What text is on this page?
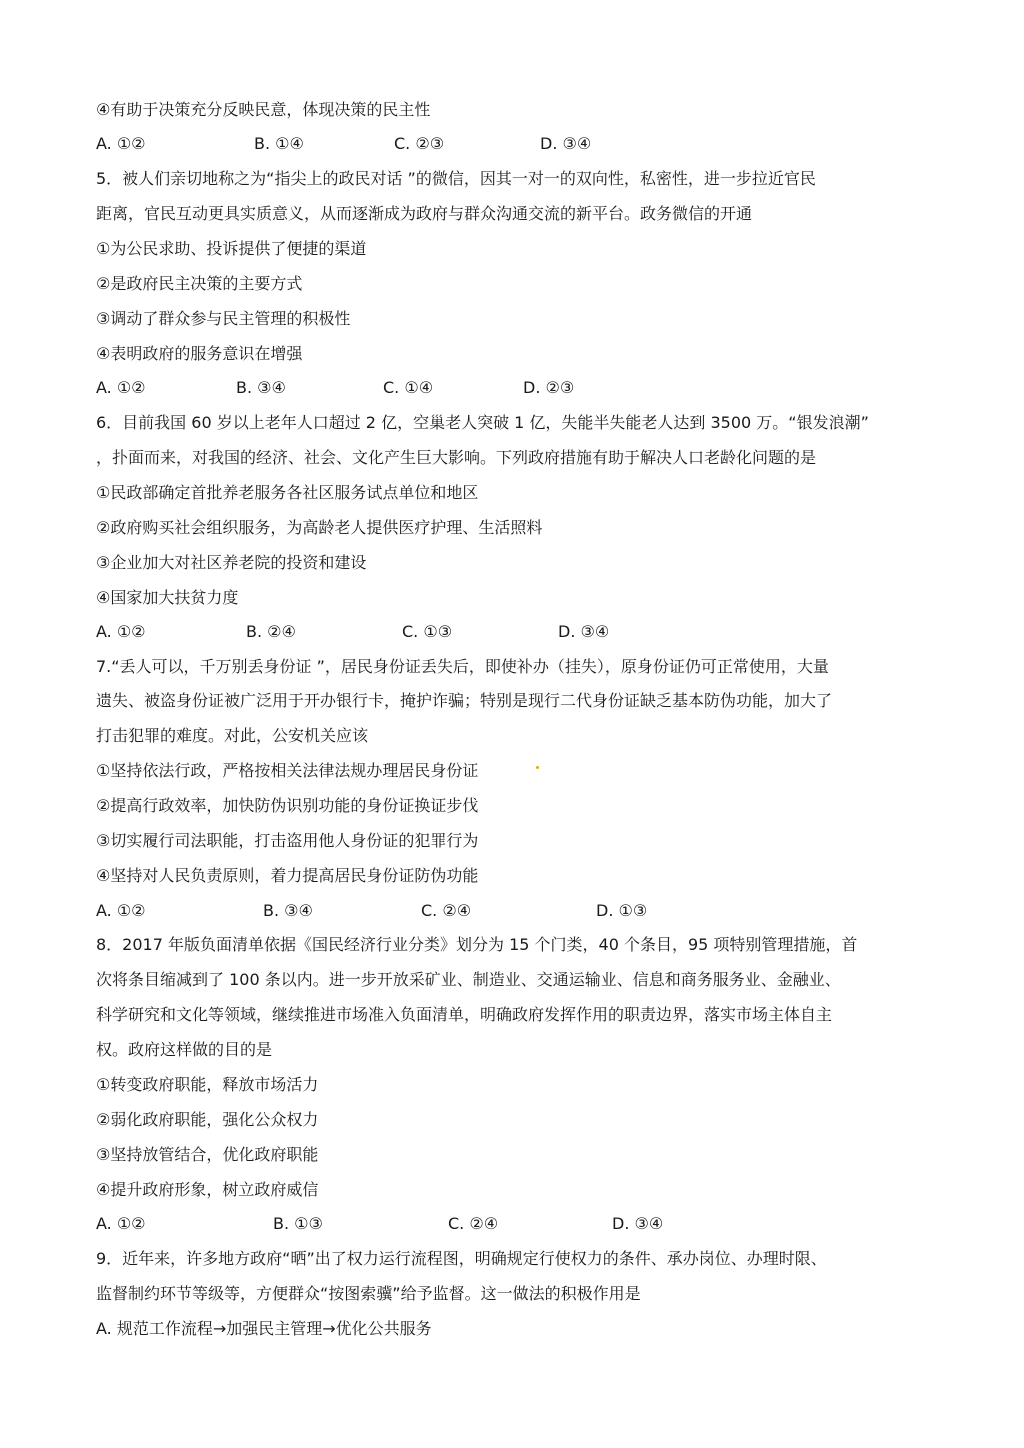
④有助于决策充分反映民意，体现决策的民主性
A. ①②	B. ①④	C. ②③	D. ③④
5．被人们亲切地称之为“指尖上的政民对话 ”的微信，因其一对一的双向性，私密性，进一步拉近官民
距离，官民互动更具实质意义，从而逐渐成为政府与群众沟通交流的新平台。政务微信的开通
①为公民求助、投诉提供了便捷的渠道
②是政府民主决策的主要方式
③调动了群众参与民主管理的积极性
④表明政府的服务意识在增强
A. ①②	B. ③④	C. ①④	D. ②③
6．目前我国 60 岁以上老年人口超过 2 亿，空巢老人突破 1 亿，失能半失能老人达到 3500 万。“银发浪潮”
，扑面而来，对我国的经济、社会、文化产生巨大影响。下列政府措施有助于解决人口老龄化问题的是
①民政部确定首批养老服务各社区服务试点单位和地区
②政府购买社会组织服务，为高龄老人提供医疗护理、生活照料
③企业加大对社区养老院的投资和建设
④国家加大扶贫力度
A. ①②	B. ②④	C. ①③	D. ③④
7.“丢人可以，千万别丢身份证 ”，居民身份证丢失后，即使补办（挂失），原身份证仍可正常使用，大量
遗失、被盗身份证被广泛用于开办银行卡，掩护诈骗；特别是现行二代身份证缺乏基本防伪功能，加大了
打击犯罪的难度。对此，公安机关应该
①坚持依法行政，严格按相关法律法规办理居民身份证
②提高行政效率，加快防伪识别功能的身份证换证步伐
③切实履行司法职能，打击盗用他人身份证的犯罪行为
④坚持对人民负责原则，着力提高居民身份证防伪功能
A. ①②	B. ③④	C. ②④	D. ①③
8．2017 年版负面清单依据《国民经济行业分类》划分为 15 个门类，40 个条目，95 项特别管理措施，首
次将条目缩减到了 100 条以内。进一步开放采矿业、制造业、交通运输业、信息和商务服务业、金融业、
科学研究和文化等领域，继续推进市场准入负面清单，明确政府发挥作用的职责边界，落实市场主体自主
权。政府这样做的目的是
①转变政府职能，释放市场活力
②弱化政府职能，强化公众权力
③坚持放管结合，优化政府职能
④提升政府形象，树立政府威信
A. ①②	B. ①③	C. ②④	D. ③④
9．近年来，许多地方政府“晒”出了权力运行流程图，明确规定行使权力的条件、承办岗位、办理时限、
监督制约环节等级等，方便群众“按图索骥”给予监督。这一做法的积极作用是
A. 规范工作流程→加强民主管理→优化公共服务
